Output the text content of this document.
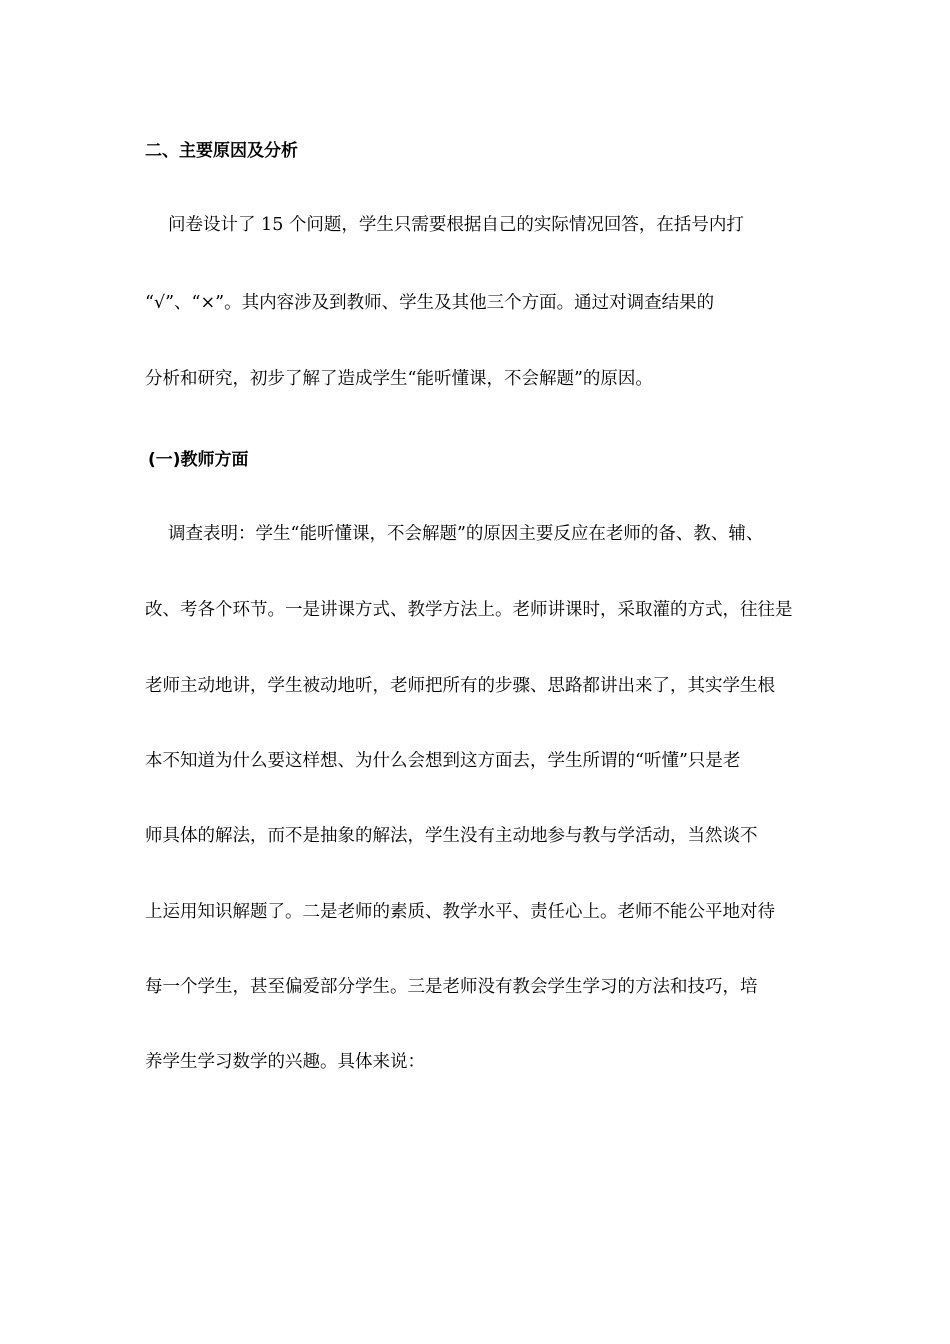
二、主要原因及分析
问卷设计了 15 个问题，学生只需要根据自己的实际情况回答，在括号内打
“√”、“×”。其内容涉及到教师、学生及其他三个方面。通过对调查结果的
分析和研究，初步了解了造成学生“能听懂课，不会解题”的原因。
(一)教师方面
调查表明：学生“能听懂课，不会解题”的原因主要反应在老师的备、教、辅、
改、考各个环节。一是讲课方式、教学方法上。老师讲课时，采取灌的方式，往往是
老师主动地讲，学生被动地听，老师把所有的步骤、思路都讲出来了，其实学生根
本不知道为什么要这样想、为什么会想到这方面去，学生所谓的“听懂”只是老
师具体的解法，而不是抽象的解法，学生没有主动地参与教与学活动，当然谈不
上运用知识解题了。二是老师的素质、教学水平、责任心上。老师不能公平地对待
每一个学生，甚至偏爱部分学生。三是老师没有教会学生学习的方法和技巧，培
养学生学习数学的兴趣。具体来说：
